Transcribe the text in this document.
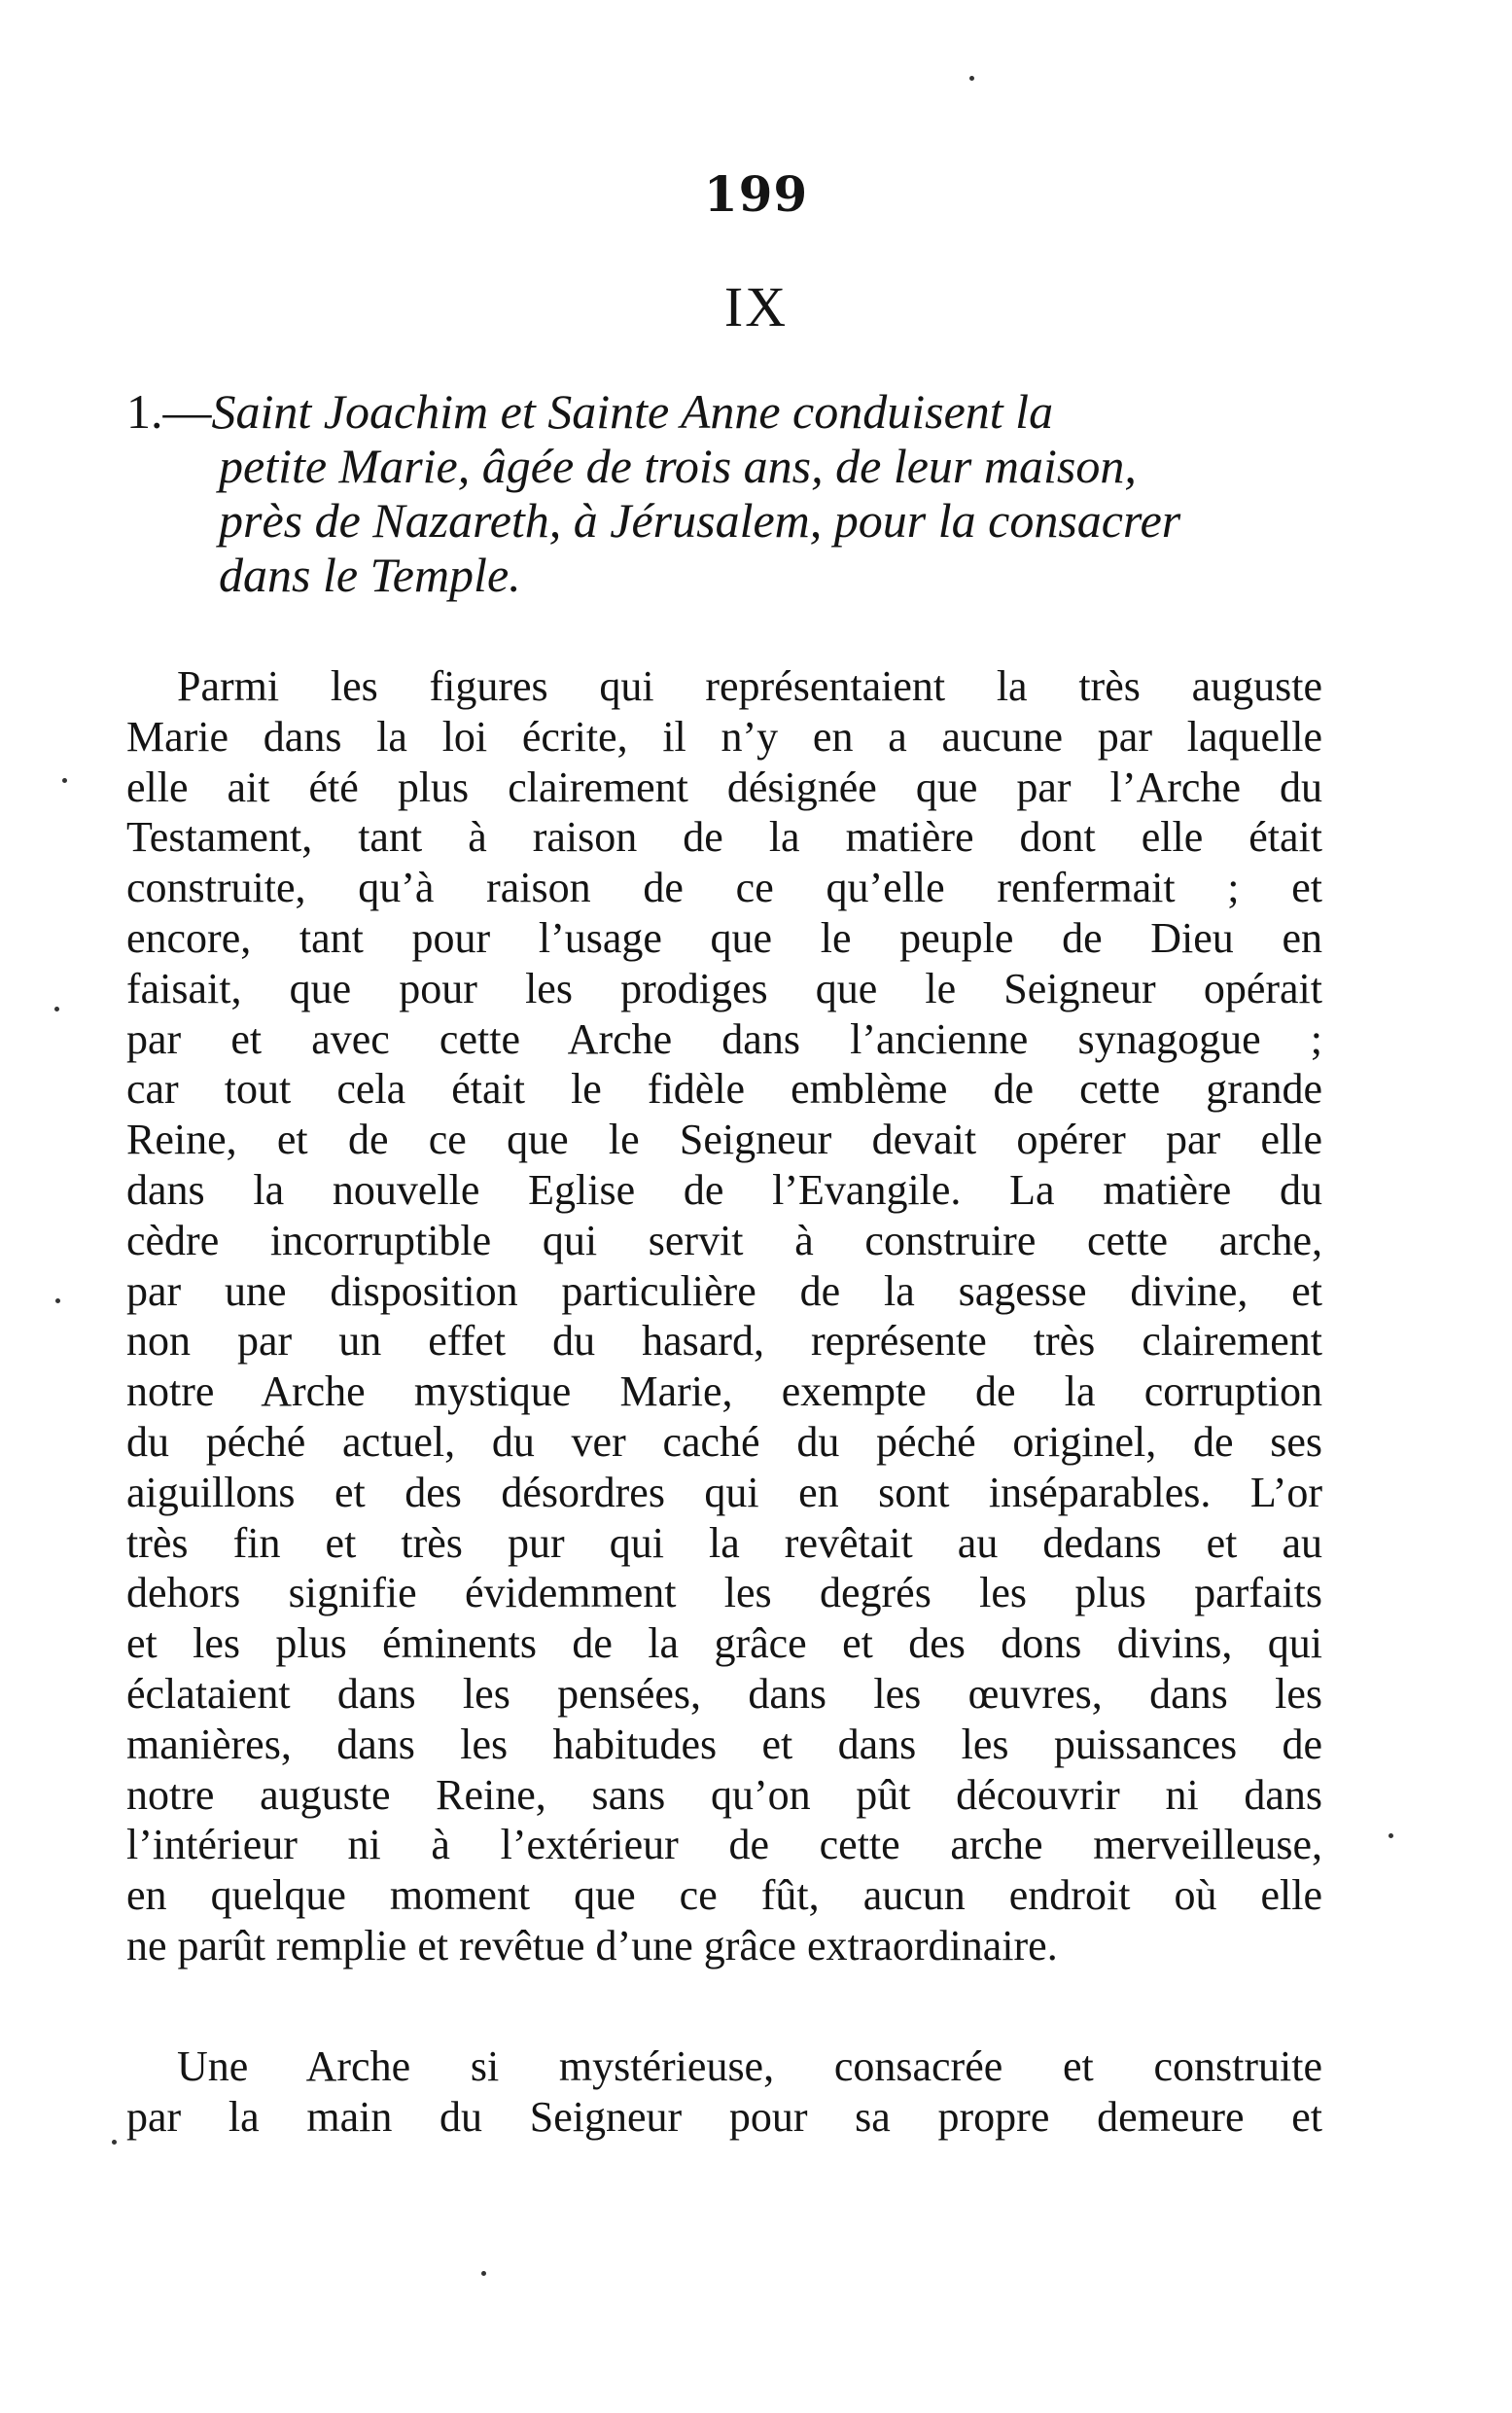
199
IX

1.—Saint Joachim et Sainte Anne conduisent la

petite Marie, âgée de trois ans, de leur maison,

près de Nazareth, à Jérusalem, pour la consacrer

dans le Temple.

Parmi les figures qui représentaient la très auguste
Marie dans la loi écrite, il n’y en a aucune par laquelle
elle ait été plus clairement désignée que par l’Arche du
Testament, tant à raison de la matière dont elle était
construite, qu’à raison de ce qu’elle renfermait ; et
encore, tant pour l’usage que le peuple de Dieu en
faisait, que pour les prodiges que le Seigneur opérait
par et avec cette Arche dans l’ancienne synagogue ;
car tout cela était le fidèle emblème de cette grande
Reine, et de ce que le Seigneur devait opérer par elle
dans la nouvelle Eglise de l’Evangile. La matière du
cèdre incorruptible qui servit à construire cette arche,
par une disposition particulière de la sagesse divine, et
non par un effet du hasard, représente très clairement
notre Arche mystique Marie, exempte de la corruption
du péché actuel, du ver caché du péché originel, de ses
aiguillons et des désordres qui en sont inséparables. L’or
très fin et très pur qui la revêtait au dedans et au
dehors signifie évidemment les degrés les plus parfaits
et les plus éminents de la grâce et des dons divins, qui
éclataient dans les pensées, dans les œuvres, dans les
manières, dans les habitudes et dans les puissances de
notre auguste Reine, sans qu’on pût découvrir ni dans
l’intérieur ni à l’extérieur de cette arche merveilleuse,
en quelque moment que ce fût, aucun endroit où elle
ne parût remplie et revêtue d’une grâce extraordinaire.
Une Arche si mystérieuse, consacrée et construite
par la main du Seigneur pour sa propre demeure et
